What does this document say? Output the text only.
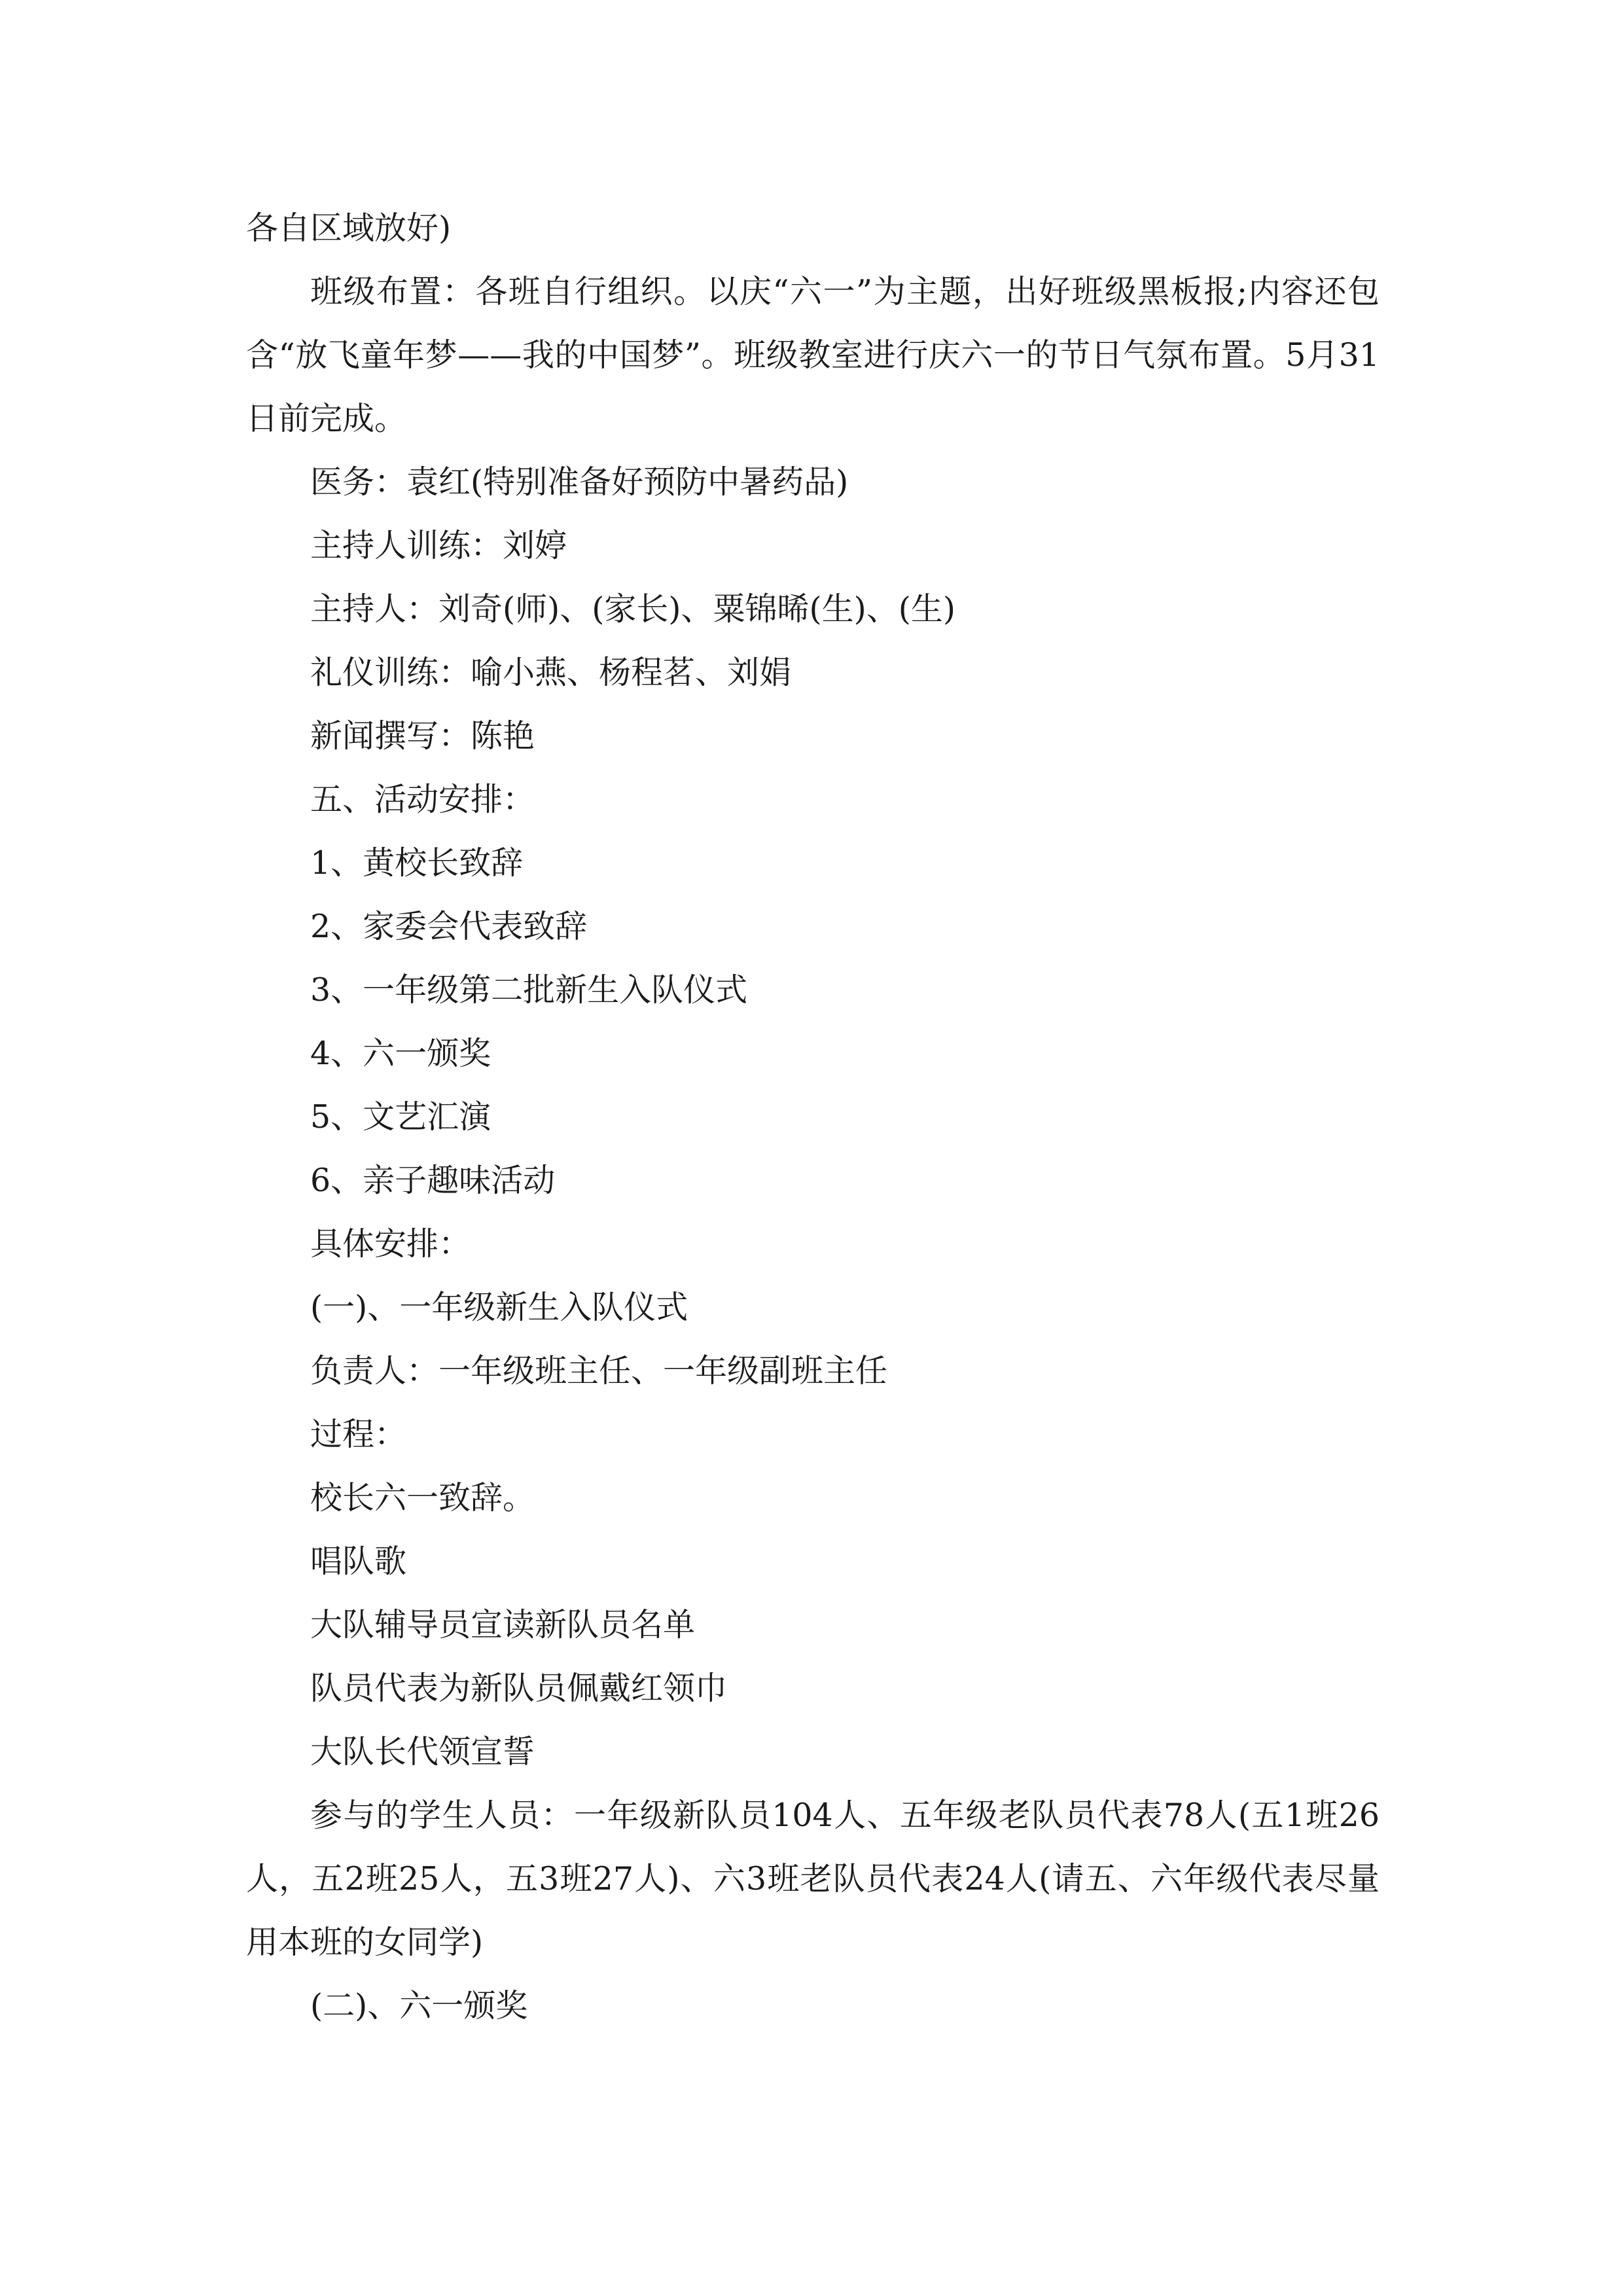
各自区域放好)

班级布置：各班自行组织。以庆“六一”为主题，出好班级黑板报;内容还包含“放飞童年梦——我的中国梦”。班级教室进行庆六一的节日气氛布置。5月31日前完成。

医务：袁红(特别准备好预防中暑药品)

主持人训练：刘婷

主持人：刘奇(师)、(家长)、粟锦晞(生)、(生)

礼仪训练：喻小燕、杨程茗、刘娟

新闻撰写：陈艳

五、活动安排：

1、黄校长致辞

2、家委会代表致辞

3、一年级第二批新生入队仪式

4、六一颁奖

5、文艺汇演

6、亲子趣味活动

具体安排：

(一)、一年级新生入队仪式

负责人：一年级班主任、一年级副班主任

过程：

校长六一致辞。

唱队歌

大队辅导员宣读新队员名单

队员代表为新队员佩戴红领巾

大队长代领宣誓

参与的学生人员：一年级新队员104人、五年级老队员代表78人(五1班26人，五2班25人，五3班27人)、六3班老队员代表24人(请五、六年级代表尽量用本班的女同学)

(二)、六一颁奖
